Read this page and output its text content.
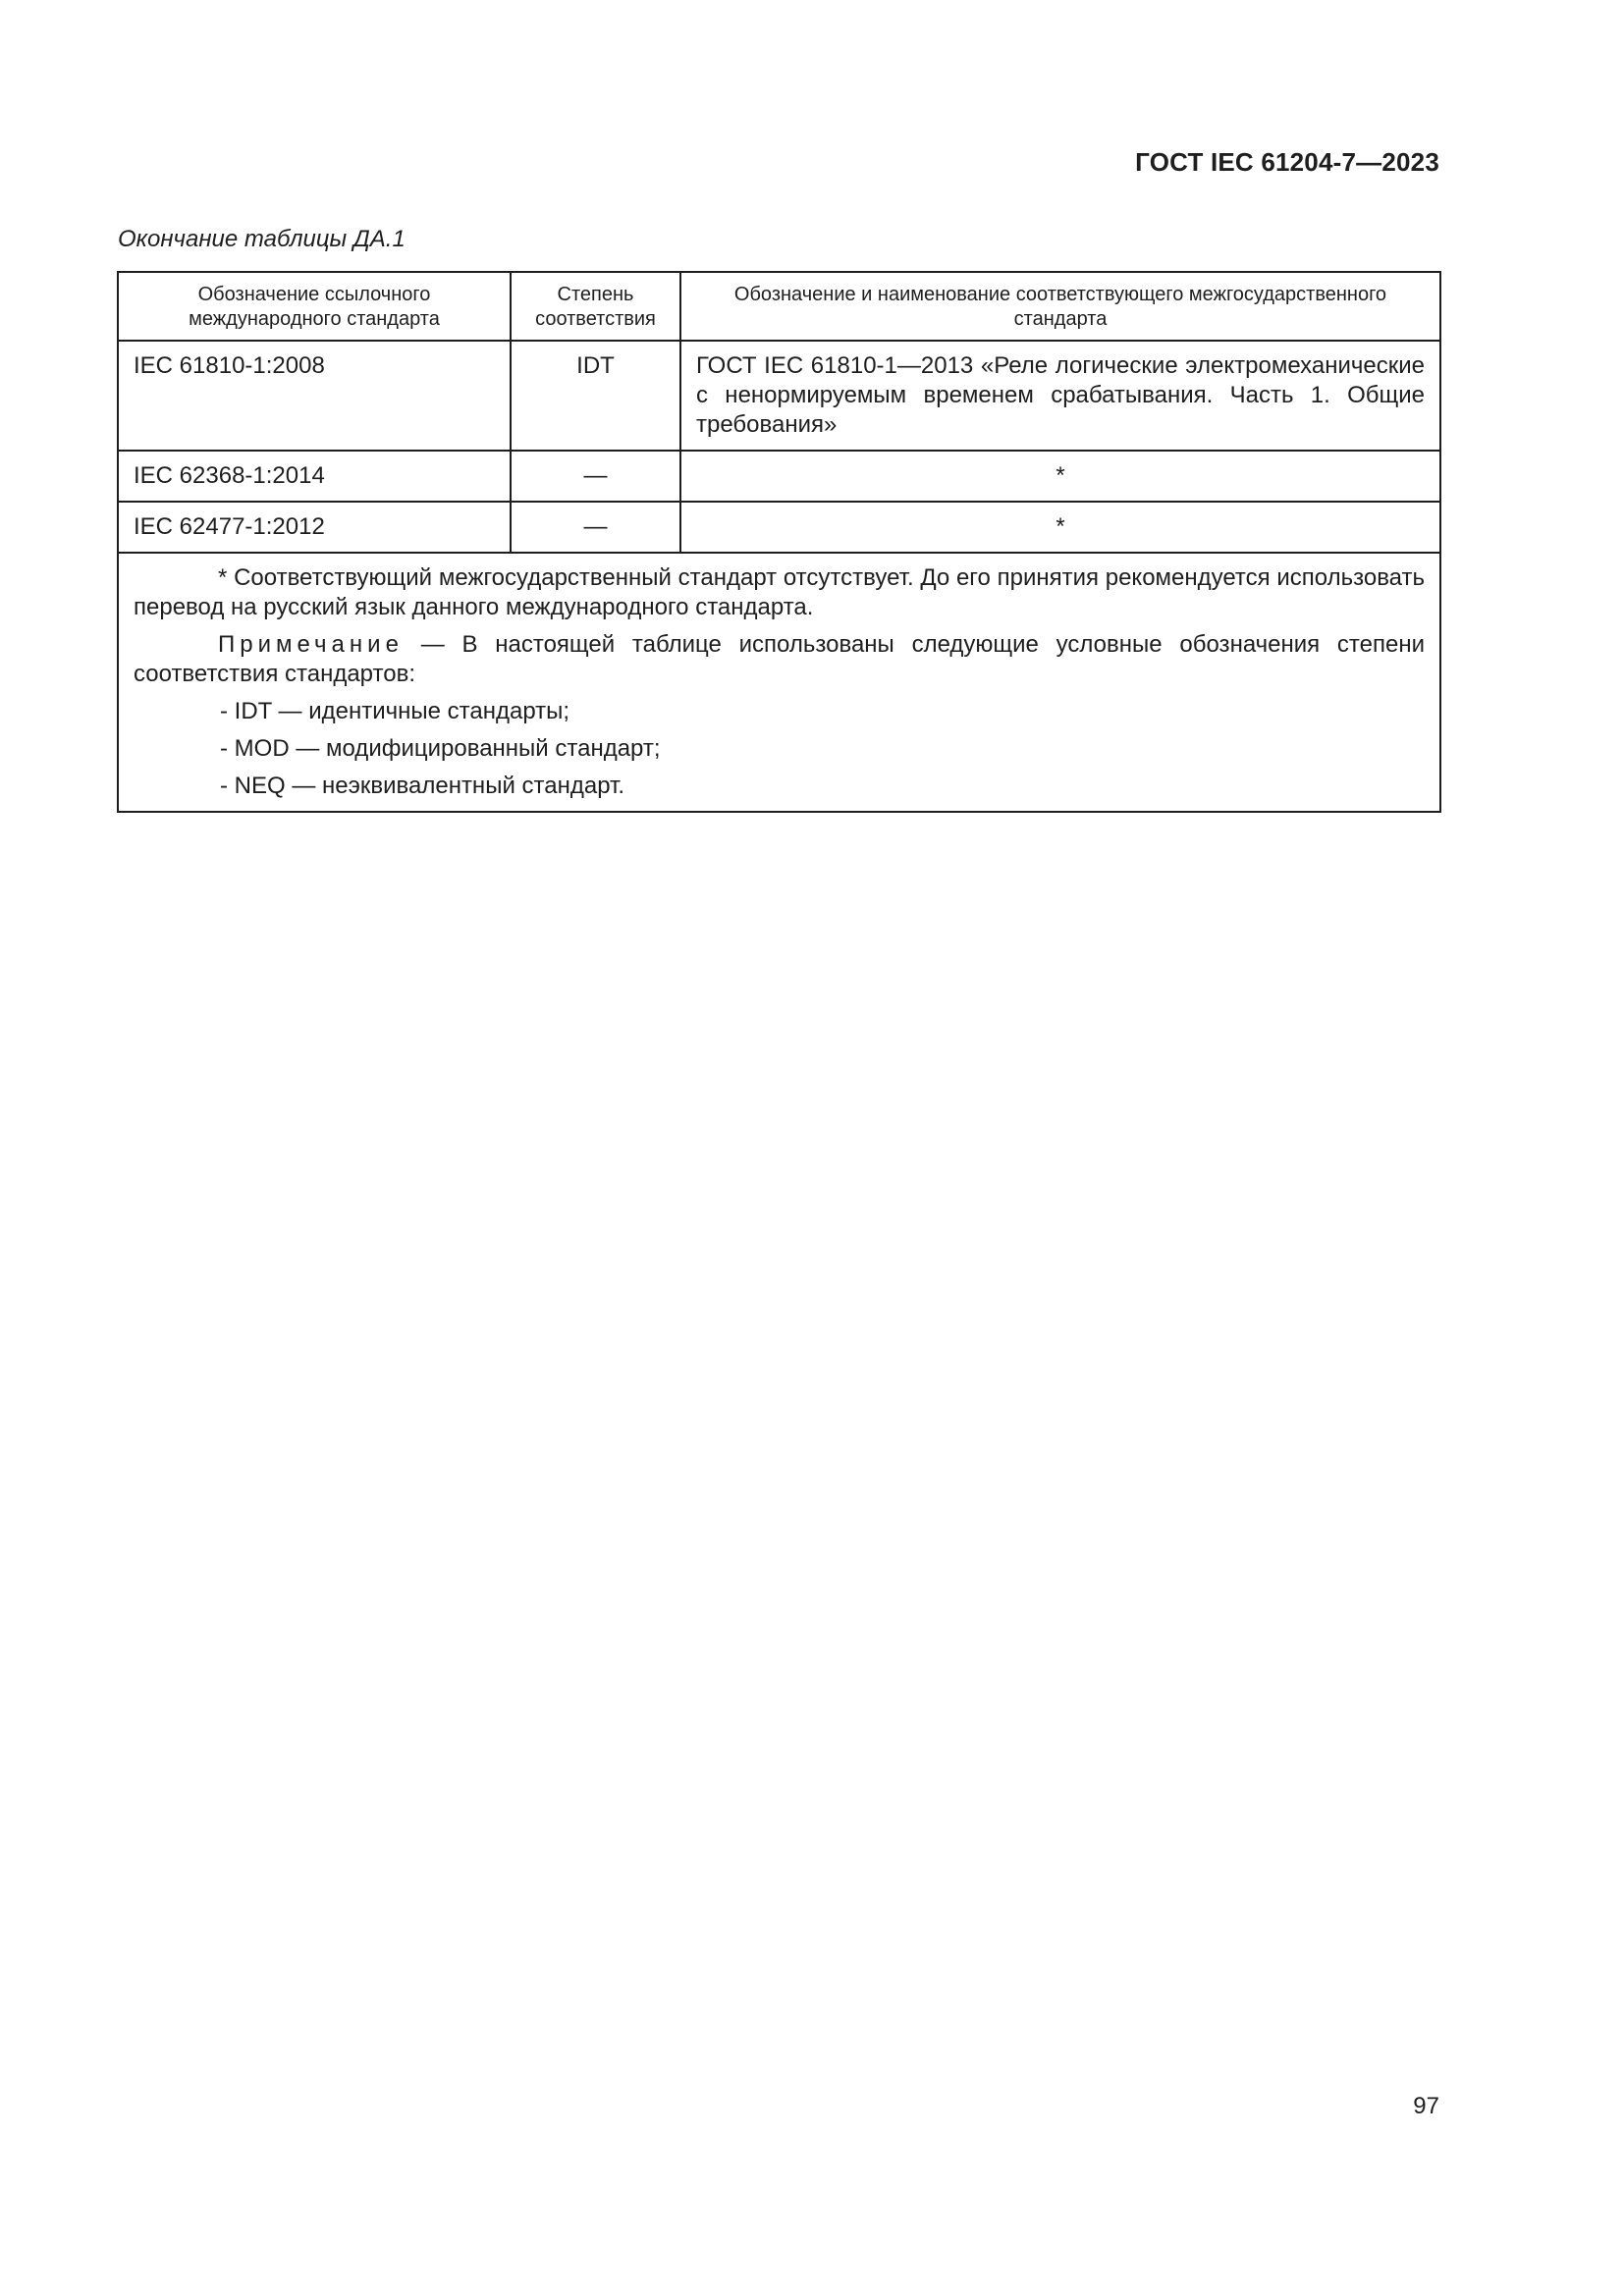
ГОСТ IEC 61204-7—2023
Окончание таблицы ДА.1
Обозначение ссылочного международного стандарта	Степень соответствия	Обозначение и наименование соответствующего межгосударственного стандарта
IEC 61810-1:2008	IDT	ГОСТ IEC 61810-1—2013 «Реле логические электромеханические с ненормируемым временем срабатывания. Часть 1. Общие требования»
IEC 62368-1:2014	—	*
IEC 62477-1:2012	—	*

* Соответствующий межгосударственный стандарт отсутствует. До его принятия рекомендуется использовать перевод на русский язык данного международного стандарта.

Примечание — В настоящей таблице использованы следующие условные обозначения степени соответствия стандартов:

- IDT — идентичные стандарты;
- MOD — модифицированный стандарт;
- NEQ — неэквивалентный стандарт.		
97
